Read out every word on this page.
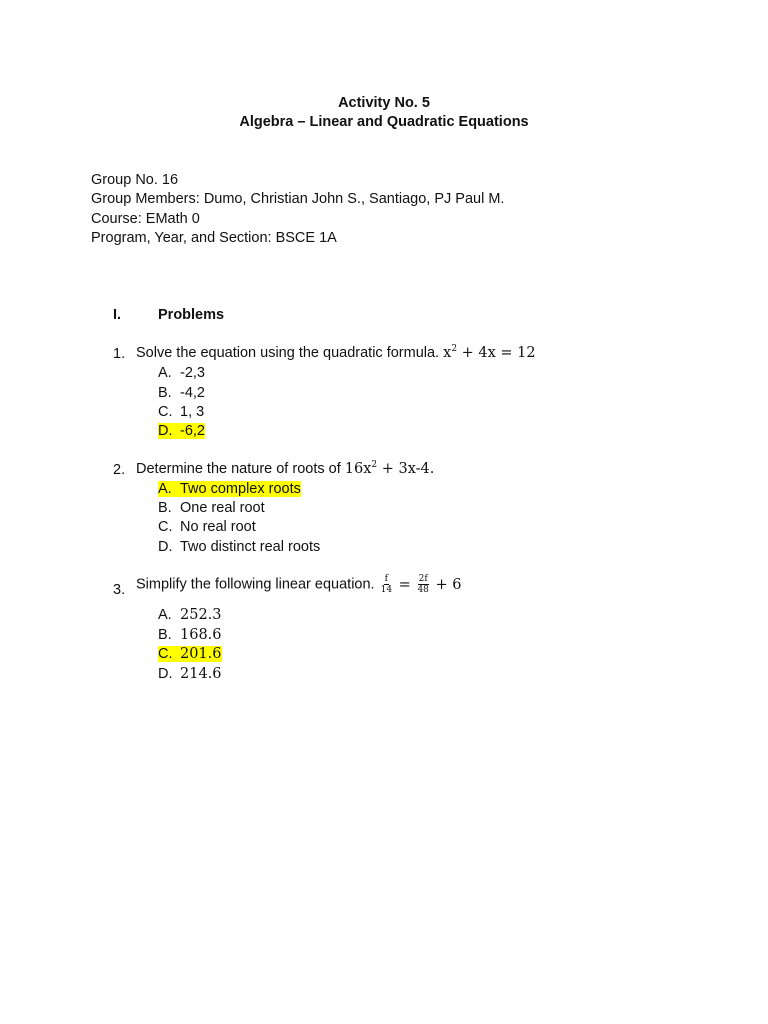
Activity No. 5
Algebra – Linear and Quadratic Equations
Group No. 16
Group Members: Dumo, Christian John S., Santiago, PJ Paul M.
Course: EMath 0
Program, Year, and Section: BSCE 1A
I.	Problems
1. Solve the equation using the quadratic formula. $x^2 + 4x = 12$
A. -2,3
B. -4,2
C. 1, 3
D. -6,2
2. Determine the nature of roots of $16x^2 + 3x-4$.
A. Two complex roots
B. One real root
C. No real root
D. Two distinct real roots
3. Simplify the following linear equation. $\frac{f}{14} = \frac{2f}{48} + 6$
A. 252.3
B. 168.6
C. 201.6
D. 214.6
